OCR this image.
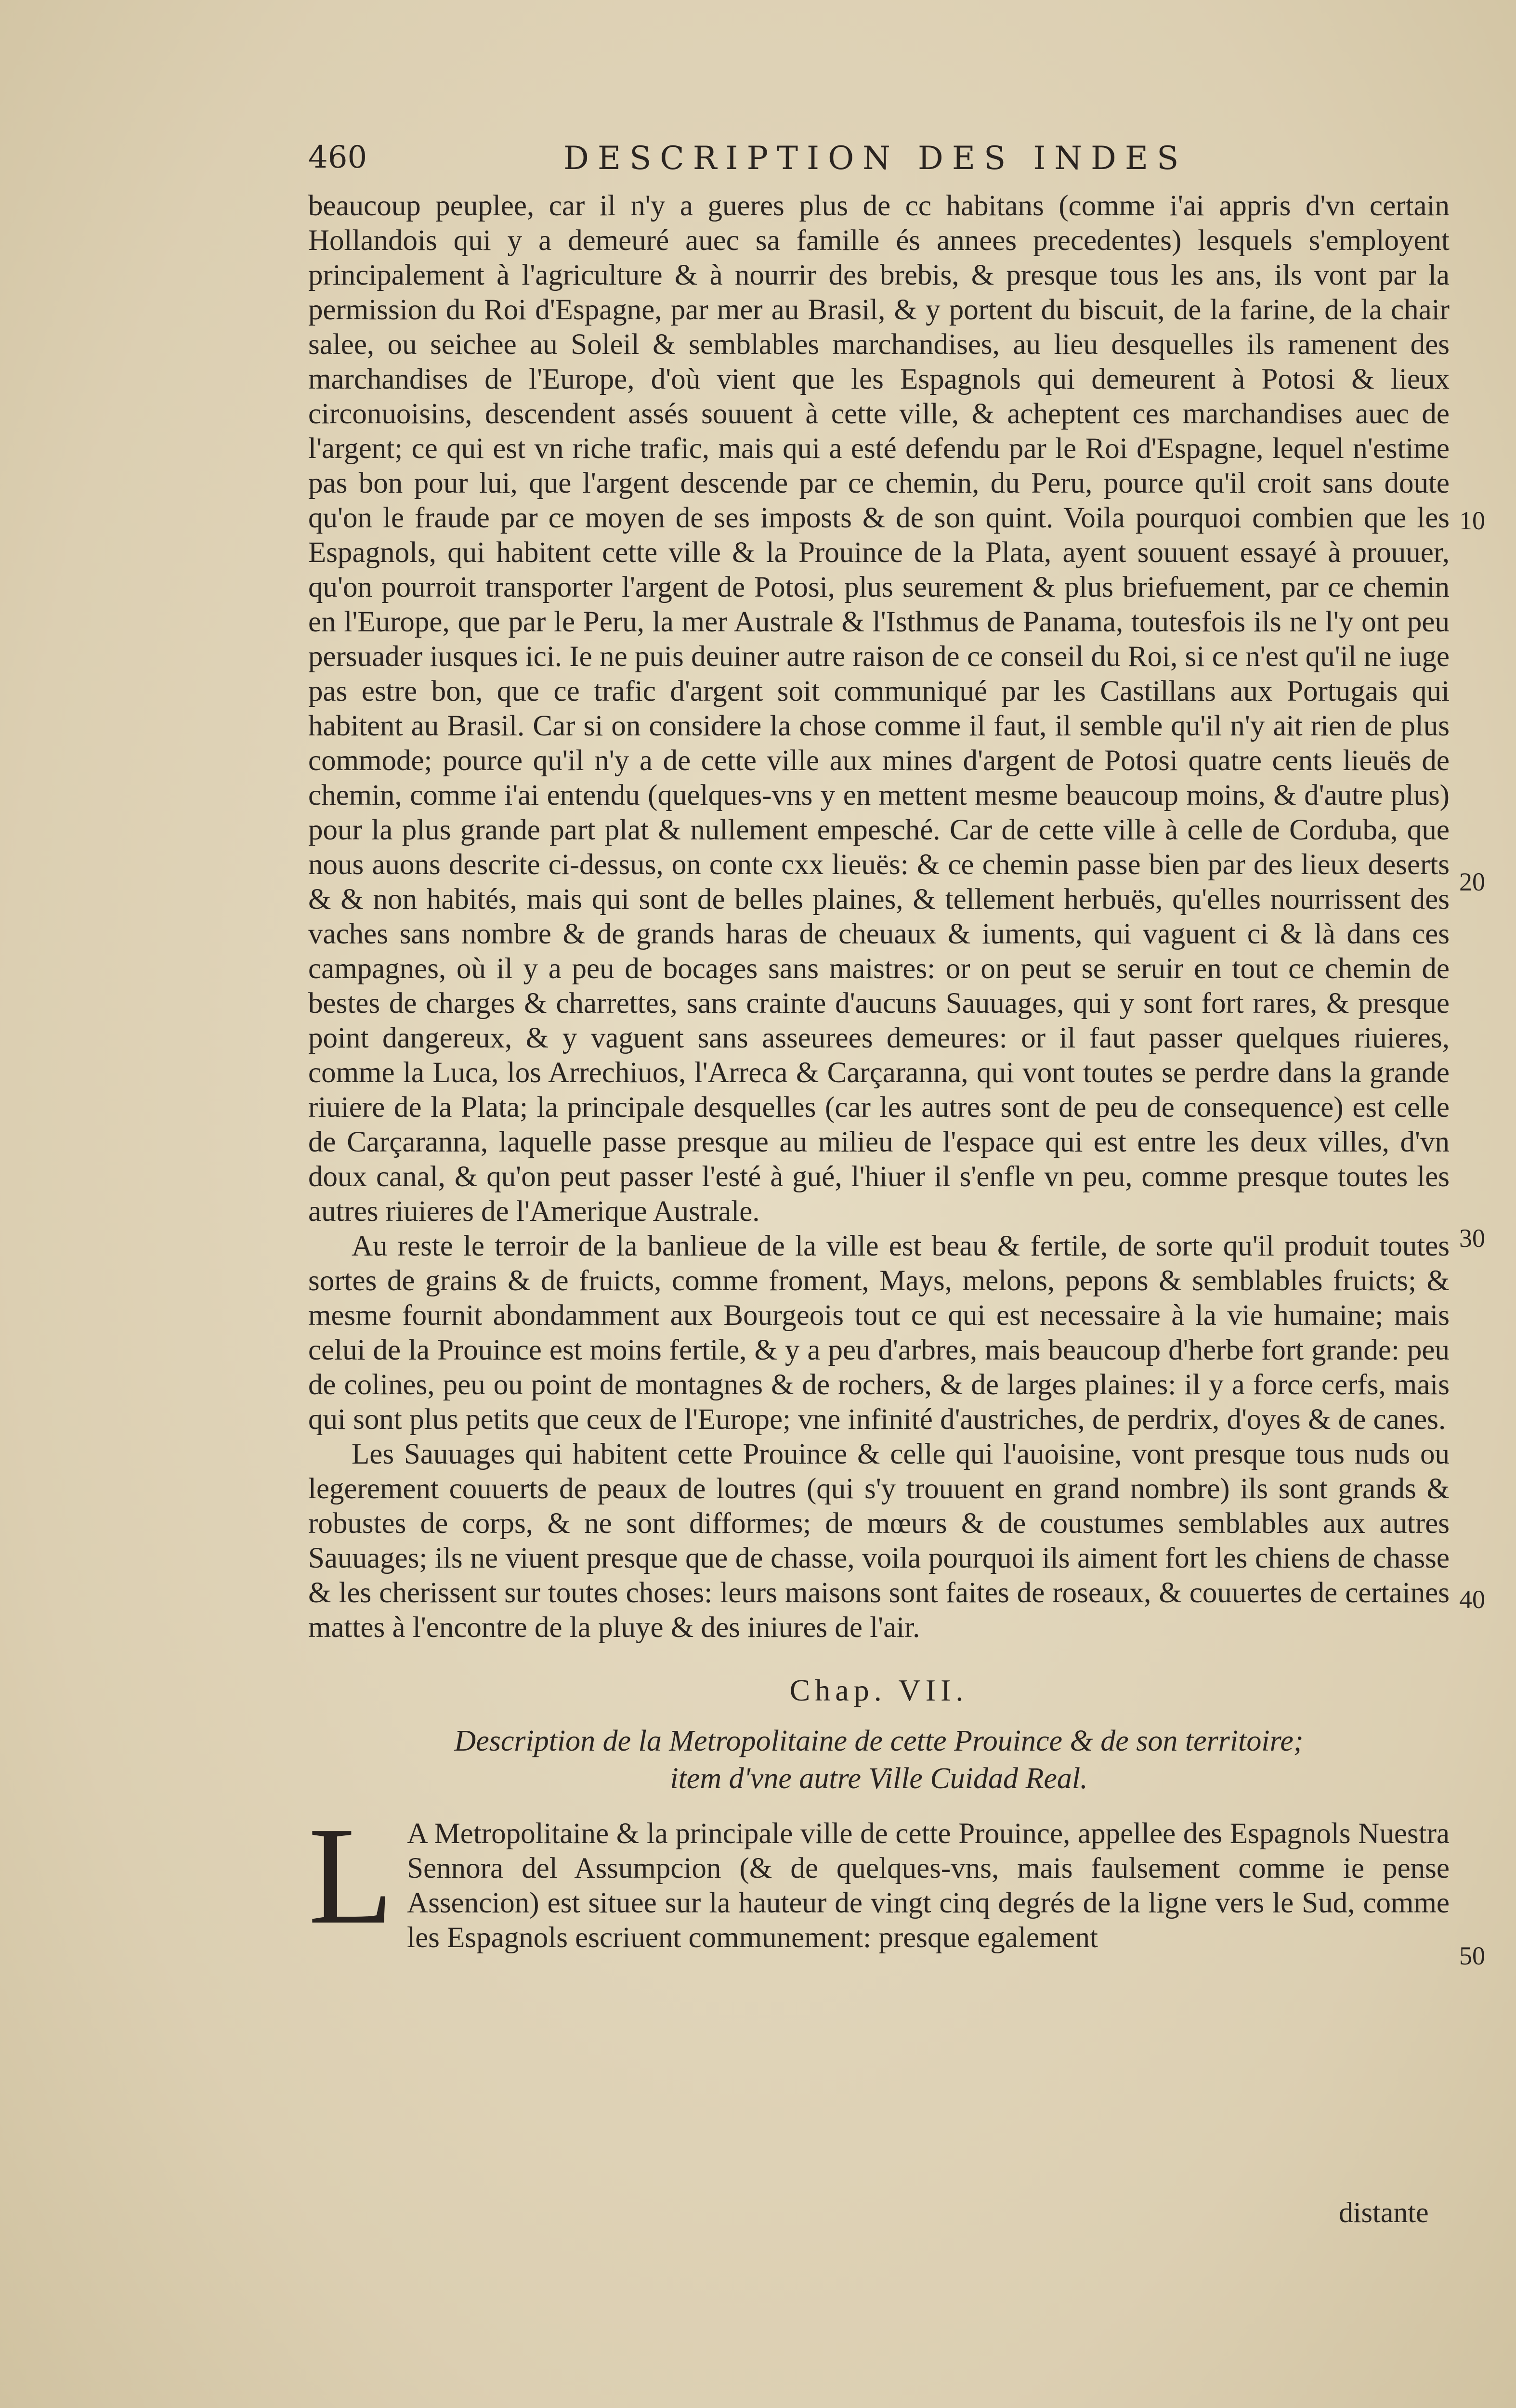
460	DESCRIPTION DES INDES

beaucoup peuplee, car il n'y a gueres plus de cc habitans (comme i'ai appris d'vn certain Hollandois qui y a demeuré auec sa famille és annees precedentes) lesquels s'employent principalement à l'agriculture & à nourrir des brebis, & presque tous les ans, ils vont par la permission du Roi d'Espagne, par mer au Brasil, & y portent du biscuit, de la farine, de la chair salee, ou seichee au Soleil & semblables marchandises, au lieu desquelles ils ramenent des marchandises de l'Europe, d'où vient que les Espagnols qui demeurent à Potosi & lieux circonuoisins, descendent assés souuent à cette ville, & acheptent ces marchandises auec de l'argent; ce qui est vn riche trafic, mais qui a esté defendu par le Roi d'Espagne, lequel n'estime pas bon pour lui, que l'argent descende par ce chemin, du Peru, pource qu'il croit sans doute qu'on le fraude par ce moyen de ses imposts & de son quint. Voila pourquoi combien que les Espagnols, qui habitent cette ville & la Prouince de la Plata, ayent souuent essayé à prouuer, qu'on pourroit transporter l'argent de Potosi, plus seurement & plus briefuement, par ce chemin en l'Europe, que par le Peru, la mer Australe & l'Isthmus de Panama, toutesfois ils ne l'y ont peu persuader iusques ici. Ie ne puis deuiner autre raison de ce conseil du Roi, si ce n'est qu'il ne iuge pas estre bon, que ce trafic d'argent soit communiqué par les Castillans aux Portugais qui habitent au Brasil. Car si on considere la chose comme il faut, il semble qu'il n'y ait rien de plus commode; pource qu'il n'y a de cette ville aux mines d'argent de Potosi quatre cents lieuës de chemin, comme i'ai entendu (quelques-vns y en mettent mesme beaucoup moins, & d'autre plus) pour la plus grande part plat & nullement empesché. Car de cette ville à celle de Corduba, que nous auons descrite ci-dessus, on conte cxx lieuës: & ce chemin passe bien par des lieux deserts & & non habités, mais qui sont de belles plaines, & tellement herbuës, qu'elles nourrissent des vaches sans nombre & de grands haras de cheuaux & iuments, qui vaguent ci & là dans ces campagnes, où il y a peu de bocages sans maistres: or on peut se seruir en tout ce chemin de bestes de charges & charrettes, sans crainte d'aucuns Sauuages, qui y sont fort rares, & presque point dangereux, & y vaguent sans asseurees demeures: or il faut passer quelques riuieres, comme la Luca, los Arrechiuos, l'Arreca & Carçaranna, qui vont toutes se perdre dans la grande riuiere de la Plata; la principale desquelles (car les autres sont de peu de consequence) est celle de Carçaranna, laquelle passe presque au milieu de l'espace qui est entre les deux villes, d'vn doux canal, & qu'on peut passer l'esté à gué, l'hiuer il s'enfle vn peu, comme presque toutes les autres riuieres de l'Amerique Australe.

Au reste le terroir de la banlieue de la ville est beau & fertile, de sorte qu'il produit toutes sortes de grains & de fruicts, comme froment, Mays, melons, pepons & semblables fruicts; & mesme fournit abondamment aux Bourgeois tout ce qui est necessaire à la vie humaine; mais celui de la Prouince est moins fertile, & y a peu d'arbres, mais beaucoup d'herbe fort grande: peu de colines, peu ou point de montagnes & de rochers, & de larges plaines: il y a force cerfs, mais qui sont plus petits que ceux de l'Europe; vne infinité d'austriches, de perdrix, d'oyes & de canes.

Les Sauuages qui habitent cette Prouince & celle qui l'auoisine, vont presque tous nuds ou legerement couuerts de peaux de loutres (qui s'y trouuent en grand nombre) ils sont grands & robustes de corps, & ne sont difformes; de mœurs & de coustumes semblables aux autres Sauuages; ils ne viuent presque que de chasse, voila pourquoi ils aiment fort les chiens de chasse & les cherissent sur toutes choses: leurs maisons sont faites de roseaux, & couuertes de certaines mattes à l'encontre de la pluye & des iniures de l'air.

Chap. VII.
Description de la Metropolitaine de cette Prouince & de son territoire;
item d'vne autre Ville Cuidad Real.

L A Metropolitaine & la principale ville de cette Prouince, appellee des Espagnols Nuestra Sennora del Assumpcion (& de quelques-vns, mais faulsement comme ie pense Assencion) est situee sur la hauteur de vingt cinq degrés de la ligne vers le Sud, comme les Espagnols escriuent communement: presque egalement

10
20
30
40
50
distante
